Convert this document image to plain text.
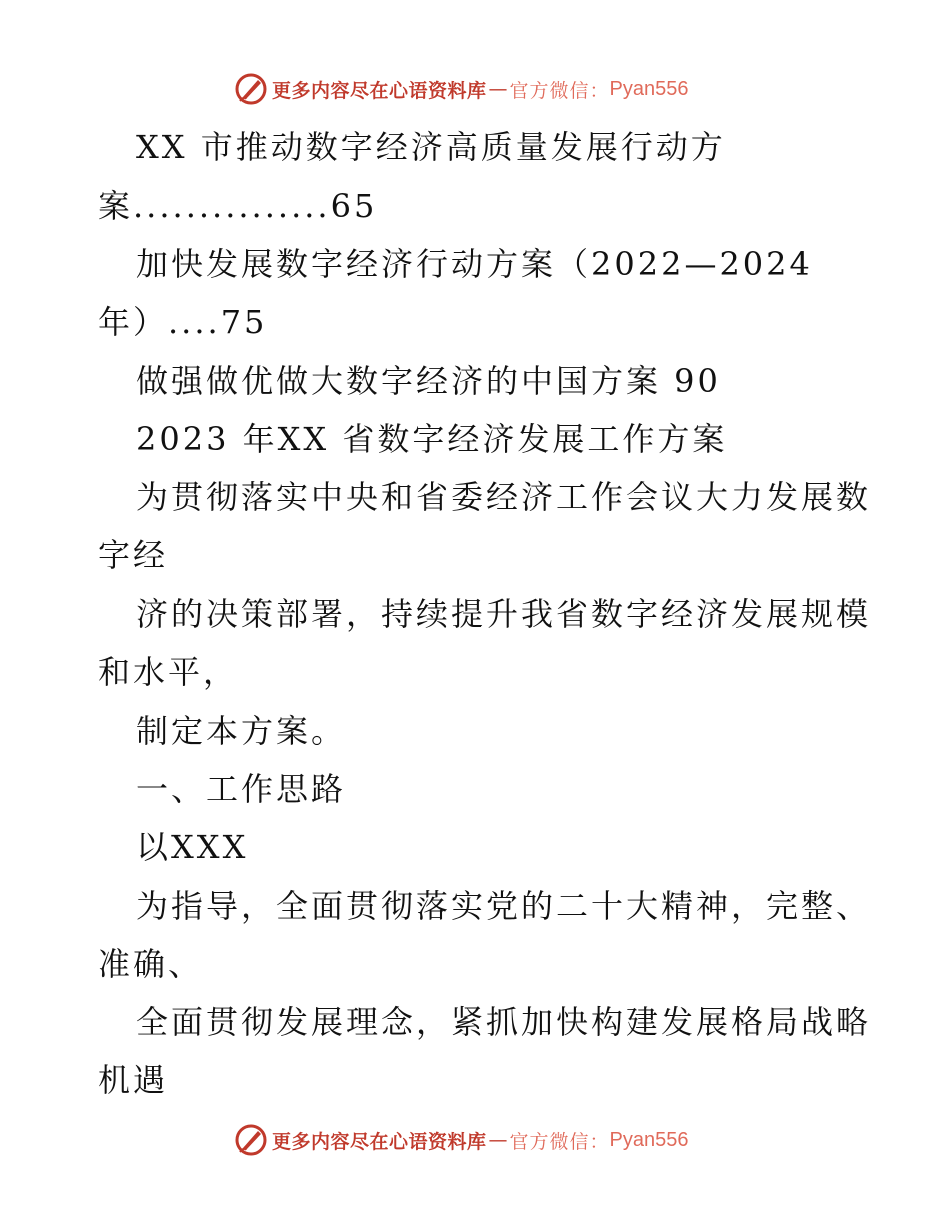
更多内容尽在心语资料库 — 官方微信： Pyan556
XX 市推动数字经济高质量发展行动方
案...............65
加快发展数字经济行动方案（2022—2024
年）....75
做强做优做大数字经济的中国方案 90
2023 年XX 省数字经济发展工作方案
为贯彻落实中央和省委经济工作会议大力发展数
字经
济的决策部署，持续提升我省数字经济发展规模
和水平，
制定本方案。
一、工作思路
以XXX
为指导，全面贯彻落实党的二十大精神，完整、
准确、
全面贯彻发展理念，紧抓加快构建发展格局战略
机遇
更多内容尽在心语资料库 — 官方微信： Pyan556
